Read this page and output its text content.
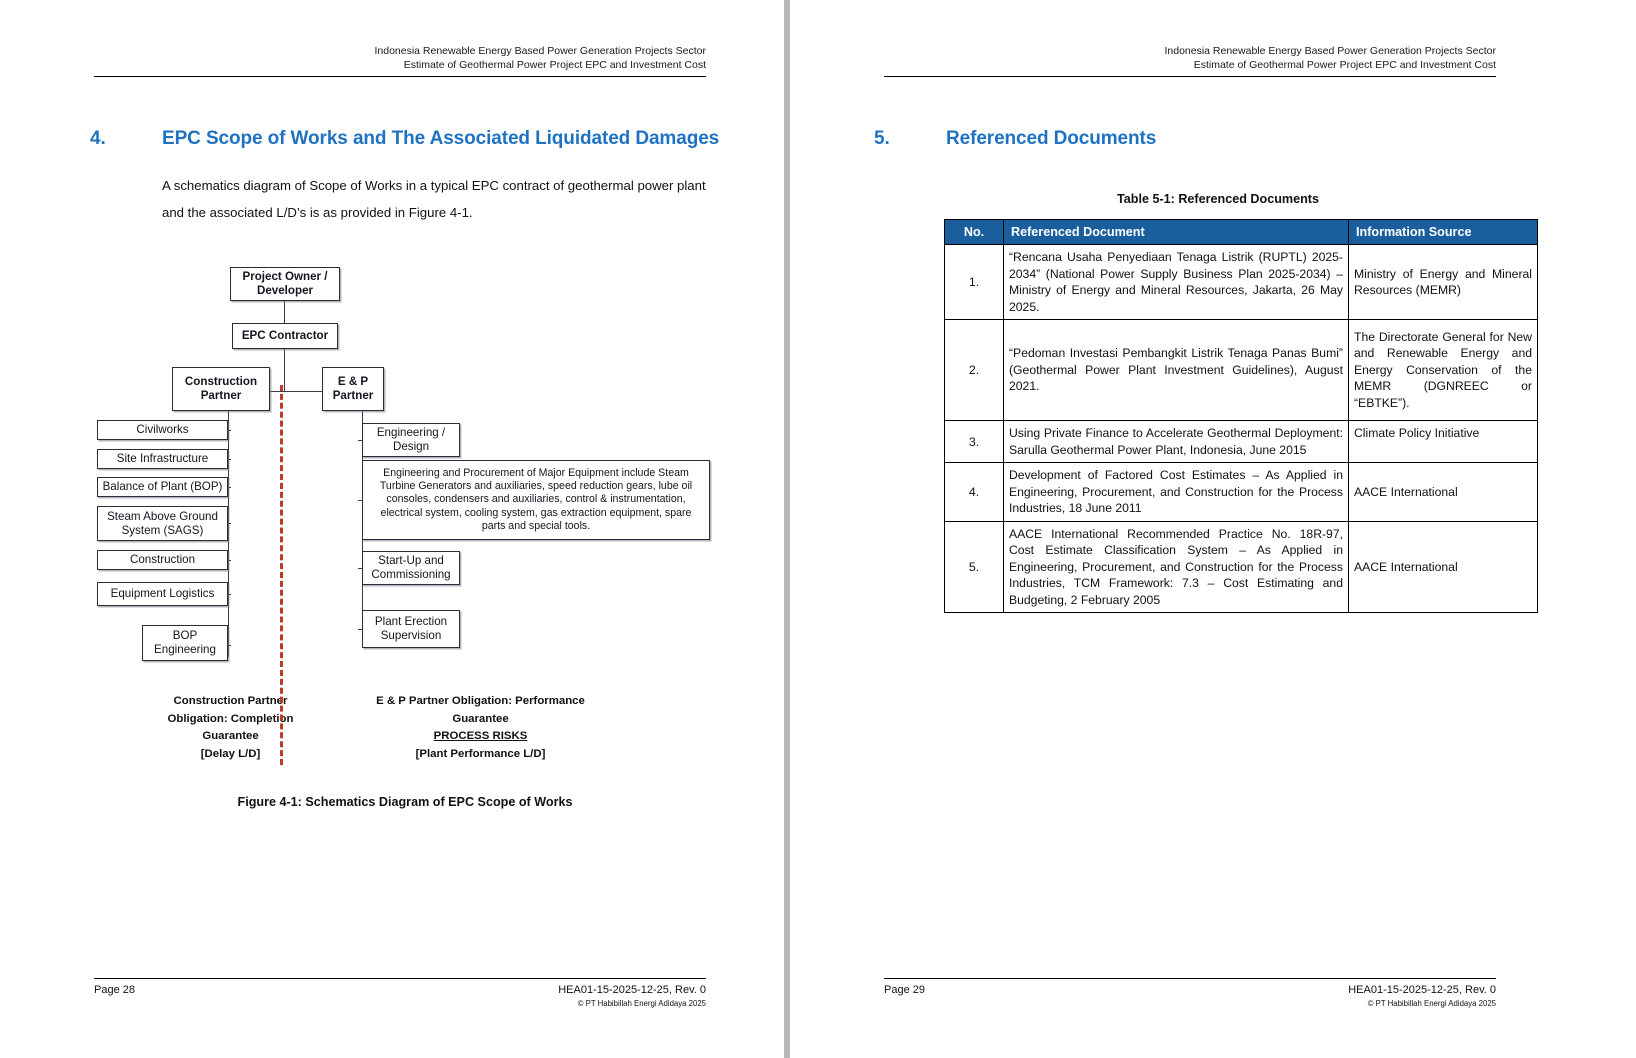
Indonesia Renewable Energy Based Power Generation Projects Sector
Estimate of Geothermal Power Project EPC and Investment Cost
4.	EPC Scope of Works and The Associated Liquidated Damages
A schematics diagram of Scope of Works in a typical EPC contract of geothermal power plant and the associated L/D’s is as provided in Figure 4-1.
Project Owner / Developer
EPC Contractor
Construction Partner
E & P Partner
Civilworks
Site Infrastructure
Balance of Plant (BOP)
Steam Above Ground System (SAGS)
Construction
Equipment Logistics
BOP Engineering
Engineering / Design
Engineering and Procurement of Major Equipment include Steam Turbine Generators and auxiliaries, speed reduction gears, lube oil consoles, condensers and auxiliaries, control & instrumentation, electrical system, cooling system, gas extraction equipment, spare parts and special tools.
Start-Up and Commissioning
Plant Erection Supervision
Construction Partner
Obligation: Completion
Guarantee
[Delay L/D]
E & P Partner Obligation: Performance
Guarantee
PROCESS RISKS
[Plant Performance L/D]
Figure 4-1: Schematics Diagram of EPC Scope of Works
Page 28	HEA01-15-2025-12-25, Rev. 0
© PT Habibillah Energi Adidaya 2025
Indonesia Renewable Energy Based Power Generation Projects Sector
Estimate of Geothermal Power Project EPC and Investment Cost
5.	Referenced Documents
Table 5-1: Referenced Documents
No.	Referenced Document	Information Source
1.	“Rencana Usaha Penyediaan Tenaga Listrik (RUPTL) 2025-2034” (National Power Supply Business Plan 2025-2034) – Ministry of Energy and Mineral Resources, Jakarta, 26 May 2025.	Ministry of Energy and Mineral Resources (MEMR)
2.	“Pedoman Investasi Pembangkit Listrik Tenaga Panas Bumi” (Geothermal Power Plant Investment Guidelines), August 2021.	The Directorate General for New and Renewable Energy and Energy Conservation of the MEMR (DGNREEC or “EBTKE”).
3.	Using Private Finance to Accelerate Geothermal Deployment: Sarulla Geothermal Power Plant, Indonesia, June 2015	Climate Policy Initiative
4.	Development of Factored Cost Estimates – As Applied in Engineering, Procurement, and Construction for the Process Industries, 18 June 2011	AACE International
5.	AACE International Recommended Practice No. 18R-97, Cost Estimate Classification System – As Applied in Engineering, Procurement, and Construction for the Process Industries, TCM Framework: 7.3 – Cost Estimating and Budgeting, 2 February 2005	AACE International
Page 29	HEA01-15-2025-12-25, Rev. 0
© PT Habibillah Energi Adidaya 2025
